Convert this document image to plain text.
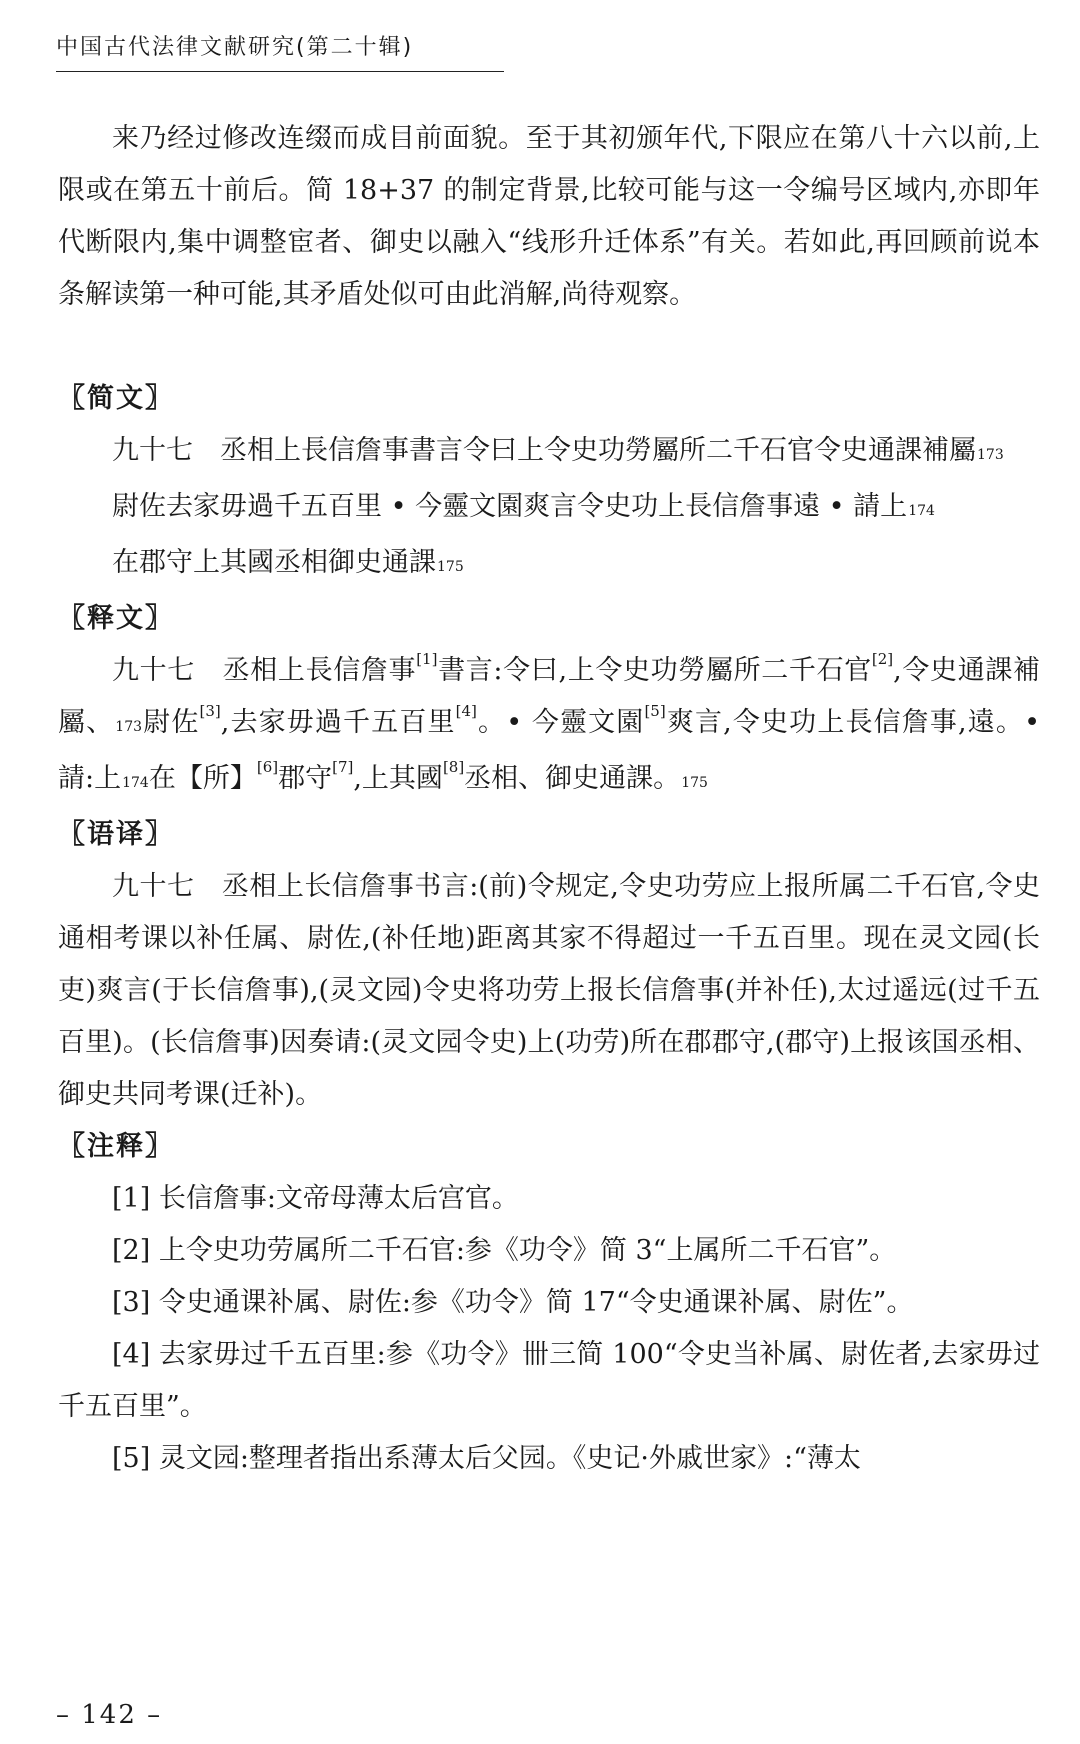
中国古代法律文献研究(第二十辑)

来乃经过修改连缀而成目前面貌。至于其初颁年代,下限应在第八十六以前,上限或在第五十前后。简 18+37 的制定背景,比较可能与这一令编号区域内,亦即年代断限内,集中调整宦者、御史以融入“线形升迁体系”有关。若如此,再回顾前说本条解读第一种可能,其矛盾处似可由此消解,尚待观察。

〖简文〗

九十七　丞相上長信詹事書言令曰上令史功勞屬所二千石官令史通課補屬173

尉佐去家毋過千五百里 • 今靈文園爽言令史功上長信詹事遠 • 請上174

在郡守上其國丞相御史通課175

〖释文〗

九十七　丞相上長信詹事[1]書言:令曰,上令史功勞屬所二千石官[2],令史通課補屬、173尉佐[3],去家毋過千五百里[4]。• 今靈文園[5]爽言,令史功上長信詹事,遠。• 請:上174在【所】[6]郡守[7],上其國[8]丞相、御史通課。175

〖语译〗

九十七　丞相上长信詹事书言:(前)令规定,令史功劳应上报所属二千石官,令史通相考课以补任属、尉佐,(补任地)距离其家不得超过一千五百里。现在灵文园(长吏)爽言(于长信詹事),(灵文园)令史将功劳上报长信詹事(并补任),太过遥远(过千五百里)。(长信詹事)因奏请:(灵文园令史)上(功劳)所在郡郡守,(郡守)上报该国丞相、御史共同考课(迁补)。

〖注释〗

[1] 长信詹事:文帝母薄太后宫官。

[2] 上令史功劳属所二千石官:参《功令》简 3“上属所二千石官”。

[3] 令史通课补属、尉佐:参《功令》简 17“令史通课补属、尉佐”。

[4] 去家毋过千五百里:参《功令》卌三简 100“令史当补属、尉佐者,去家毋过千五百里”。

[5] 灵文园:整理者指出系薄太后父园。《史记·外戚世家》:“薄太

– 142 –
